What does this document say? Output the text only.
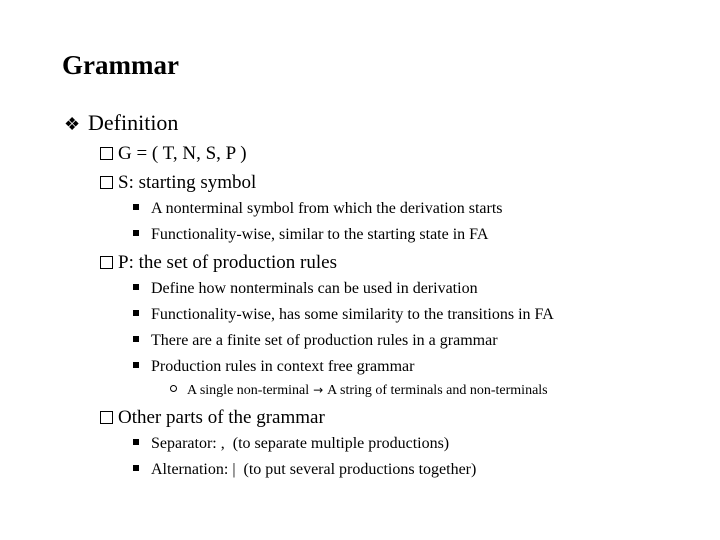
Grammar
❖ Definition
G = ( T, N, S, P )
S: starting symbol
A nonterminal symbol from which the derivation starts
Functionality-wise, similar to the starting state in FA
P: the set of production rules
Define how nonterminals can be used in derivation
Functionality-wise, has some similarity to the transitions in FA
There are a finite set of production rules in a grammar
Production rules in context free grammar
A single non-terminal → A string of terminals and non-terminals
Other parts of the grammar
Separator: ,  (to separate multiple productions)
Alternation: |  (to put several productions together)
